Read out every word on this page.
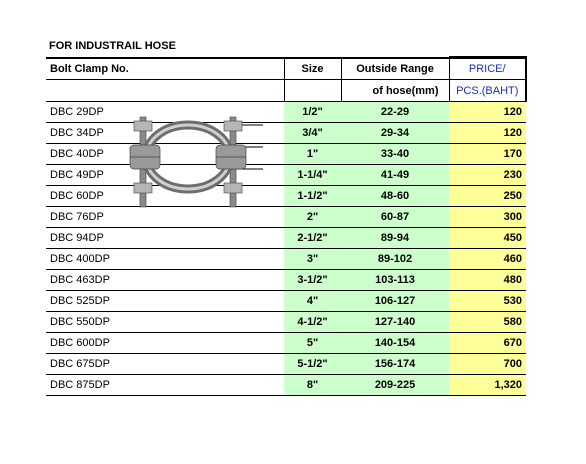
FOR INDUSTRAIL HOSE
Bolt Clamp No.	Size	Outside Range	PRICE/
		of hose(mm)	PCS.(BAHT)
DBC 29DP	1/2"	22-29	120
DBC 34DP	3/4"	29-34	120
DBC 40DP	1"	33-40	170
DBC 49DP	1-1/4"	41-49	230
DBC 60DP	1-1/2"	48-60	250
DBC 76DP	2"	60-87	300
DBC 94DP	2-1/2"	89-94	450
DBC 400DP	3"	89-102	460
DBC 463DP	3-1/2"	103-113	480
DBC 525DP	4"	106-127	530
DBC 550DP	4-1/2"	127-140	580
DBC 600DP	5"	140-154	670
DBC 675DP	5-1/2"	156-174	700
DBC 875DP	8"	209-225	1,320
